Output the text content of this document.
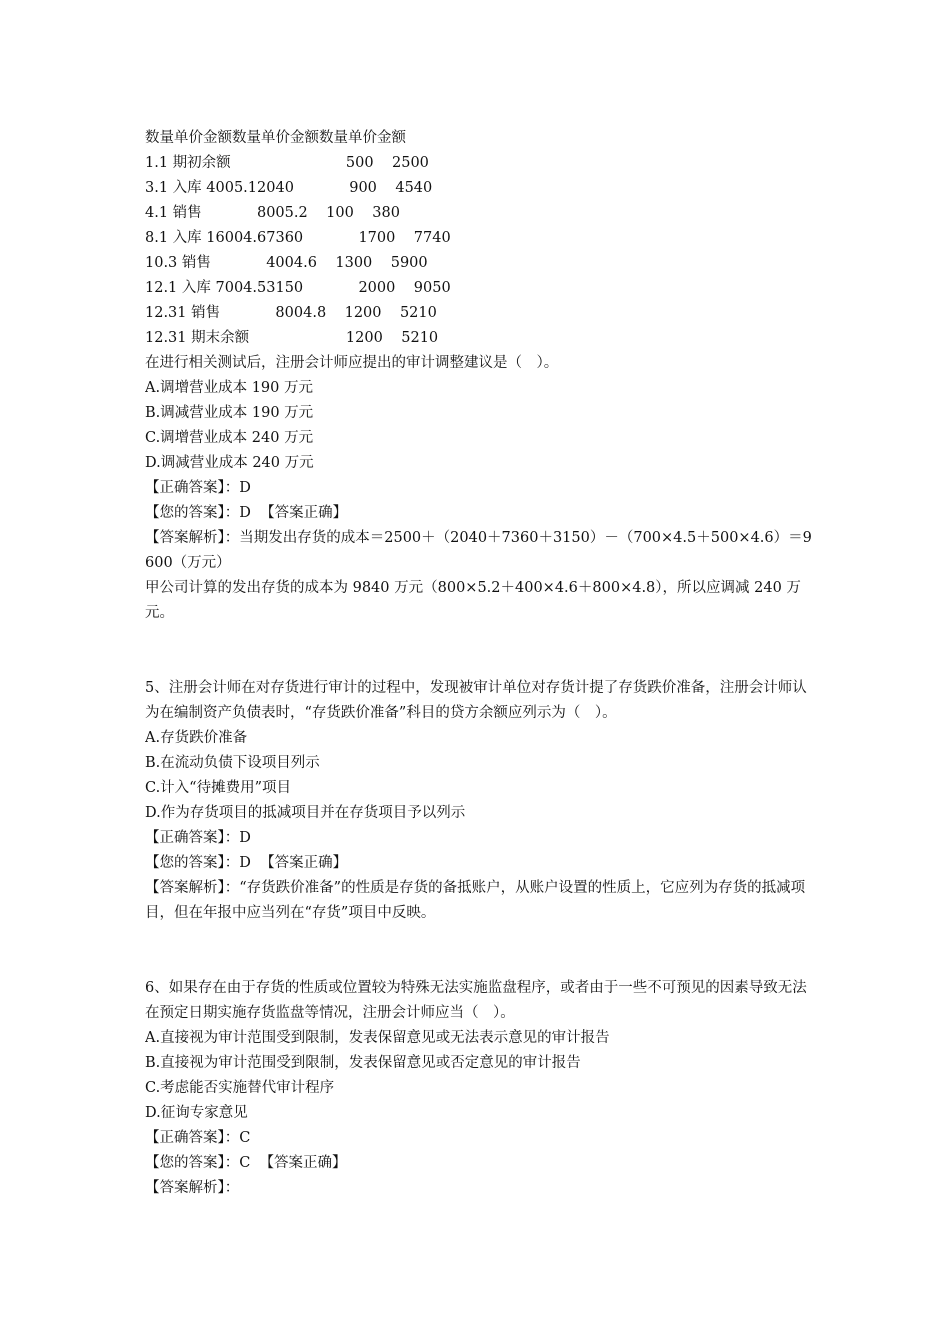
数量单价金额数量单价金额数量单价金额
1.1 期初余额                         500    2500
3.1 入库 4005.12040            900    4540
4.1 销售            8005.2    100    380
8.1 入库 16004.67360            1700    7740
10.3 销售            4004.6    1300    5900
12.1 入库 7004.53150            2000    9050
12.31 销售            8004.8    1200    5210
12.31 期末余额                     1200    5210
在进行相关测试后，注册会计师应提出的审计调整建议是（　）。
A.调增营业成本 190 万元
B.调减营业成本 190 万元
C.调增营业成本 240 万元
D.调减营业成本 240 万元
【正确答案】：D
【您的答案】：D  【答案正确】
【答案解析】：当期发出存货的成本＝2500＋（2040＋7360＋3150）－（700×4.5＋500×4.6）＝9600（万元）
甲公司计算的发出存货的成本为 9840 万元（800×5.2＋400×4.6＋800×4.8），所以应调减 240 万元。
5、注册会计师在对存货进行审计的过程中，发现被审计单位对存货计提了存货跌价准备，注册会计师认为在编制资产负债表时，“存货跌价准备”科目的贷方余额应列示为（　）。
A.存货跌价准备
B.在流动负债下设项目列示
C.计入“待摊费用”项目
D.作为存货项目的抵减项目并在存货项目予以列示
【正确答案】：D
【您的答案】：D  【答案正确】
【答案解析】：“存货跌价准备”的性质是存货的备抵账户，从账户设置的性质上，它应列为存货的抵减项目，但在年报中应当列在“存货”项目中反映。
6、如果存在由于存货的性质或位置较为特殊无法实施监盘程序，或者由于一些不可预见的因素导致无法在预定日期实施存货监盘等情况，注册会计师应当（　）。
A.直接视为审计范围受到限制，发表保留意见或无法表示意见的审计报告
B.直接视为审计范围受到限制，发表保留意见或否定意见的审计报告
C.考虑能否实施替代审计程序
D.征询专家意见
【正确答案】：C
【您的答案】：C  【答案正确】
【答案解析】：
